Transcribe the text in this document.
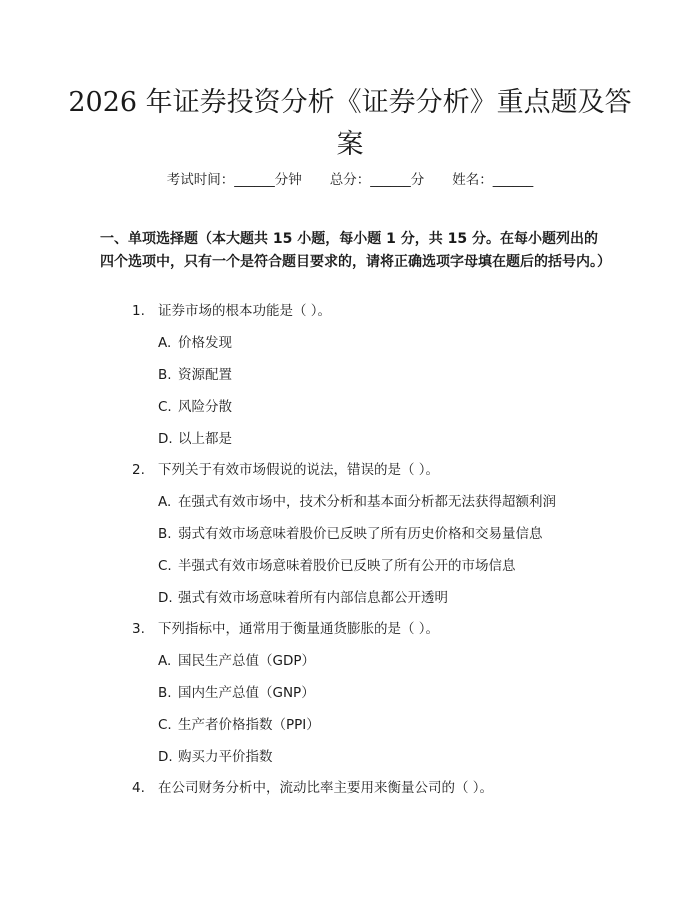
2026 年证券投资分析《证券分析》重点题及答案
考试时间：______分钟 总分：______分 姓名：______
一、单项选择题（本大题共 15 小题，每小题 1 分，共 15 分。在每小题列出的四个选项中，只有一个是符合题目要求的，请将正确选项字母填在题后的括号内。）
1. 证券市场的根本功能是（ ）。
A. 价格发现
B. 资源配置
C. 风险分散
D. 以上都是
2. 下列关于有效市场假说的说法，错误的是（ ）。
A. 在强式有效市场中，技术分析和基本面分析都无法获得超额利润
B. 弱式有效市场意味着股价已反映了所有历史价格和交易量信息
C. 半强式有效市场意味着股价已反映了所有公开的市场信息
D. 强式有效市场意味着所有内部信息都公开透明
3. 下列指标中，通常用于衡量通货膨胀的是（ ）。
A. 国民生产总值（GDP）
B. 国内生产总值（GNP）
C. 生产者价格指数（PPI）
D. 购买力平价指数
4. 在公司财务分析中，流动比率主要用来衡量公司的（ ）。
